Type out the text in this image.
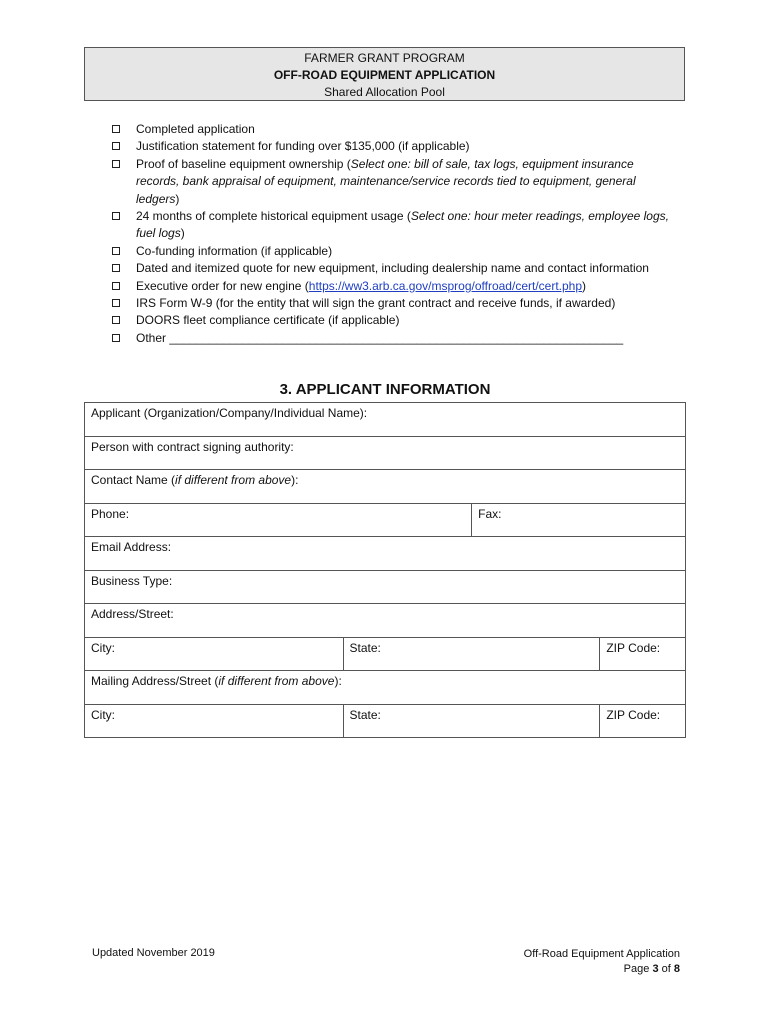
FARMER GRANT PROGRAM
OFF-ROAD EQUIPMENT APPLICATION
Shared Allocation Pool
Completed application
Justification statement for funding over $135,000 (if applicable)
Proof of baseline equipment ownership (Select one: bill of sale, tax logs, equipment insurance records, bank appraisal of equipment, maintenance/service records tied to equipment, general ledgers)
24 months of complete historical equipment usage (Select one: hour meter readings, employee logs, fuel logs)
Co-funding information (if applicable)
Dated and itemized quote for new equipment, including dealership name and contact information
Executive order for new engine (https://ww3.arb.ca.gov/msprog/offroad/cert/cert.php)
IRS Form W-9 (for the entity that will sign the grant contract and receive funds, if awarded)
DOORS fleet compliance certificate (if applicable)
Other ____________________________________________________________________
3. APPLICANT INFORMATION
Applicant (Organization/Company/Individual Name):			
Person with contract signing authority:			
Contact Name (if different from above):			
Phone:		Fax:	
Email Address:			
Business Type:			
Address/Street:			
City:	State:		ZIP Code:
Mailing Address/Street (if different from above):			
City:	State:		ZIP Code:
Updated November 2019	Off-Road Equipment Application
Page 3 of 8
